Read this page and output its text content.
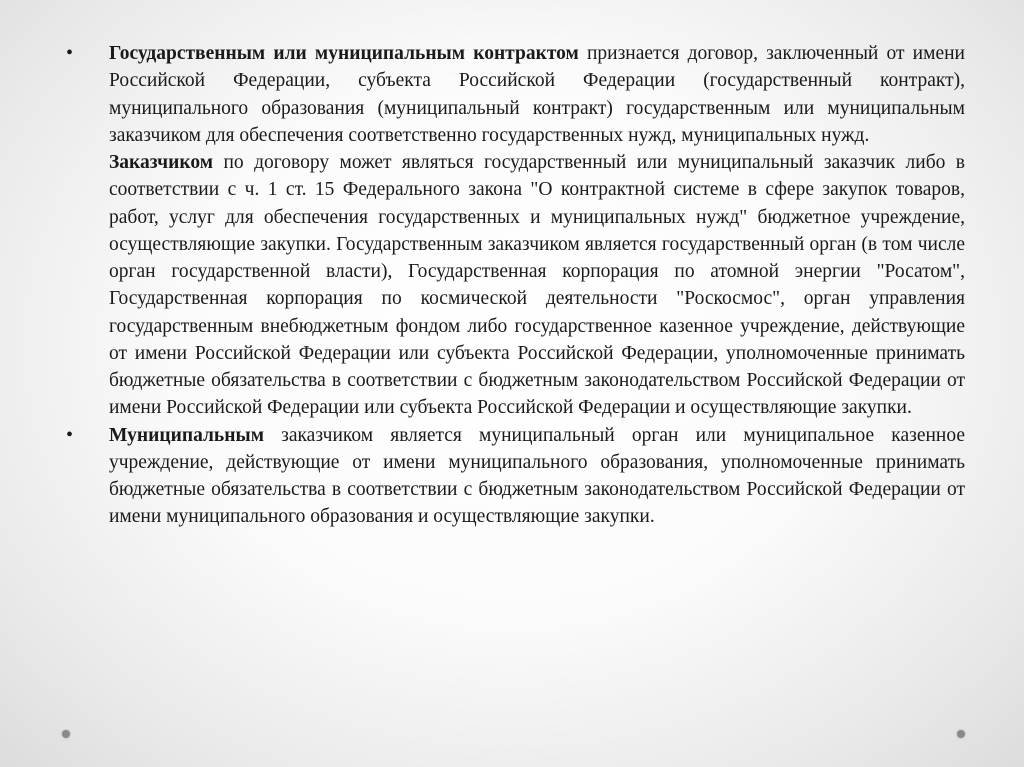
•	Государственным или муниципальным контрактом признается договор, заключенный от имени Российской Федерации, субъекта Российской Федерации (государственный контракт), муниципального образования (муниципальный контракт) государственным или муниципальным заказчиком для обеспечения соответственно государственных нужд, муниципальных нужд.
Заказчиком по договору может являться государственный или муниципальный заказчик либо в соответствии с ч. 1 ст. 15 Федерального закона "О контрактной системе в сфере закупок товаров, работ, услуг для обеспечения государственных и муниципальных нужд" бюджетное учреждение, осуществляющие закупки. Государственным заказчиком является государственный орган (в том числе орган государственной власти), Государственная корпорация по атомной энергии "Росатом", Государственная корпорация по космической деятельности "Роскосмос", орган управления государственным внебюджетным фондом либо государственное казенное учреждение, действующие от имени Российской Федерации или субъекта Российской Федерации, уполномоченные принимать бюджетные обязательства в соответствии с бюджетным законодательством Российской Федерации от имени Российской Федерации или субъекта Российской Федерации и осуществляющие закупки.

•	Муниципальным заказчиком является муниципальный орган или муниципальное казенное учреждение, действующие от имени муниципального образования, уполномоченные принимать бюджетные обязательства в соответствии с бюджетным законодательством Российской Федерации от имени муниципального образования и осуществляющие закупки.
